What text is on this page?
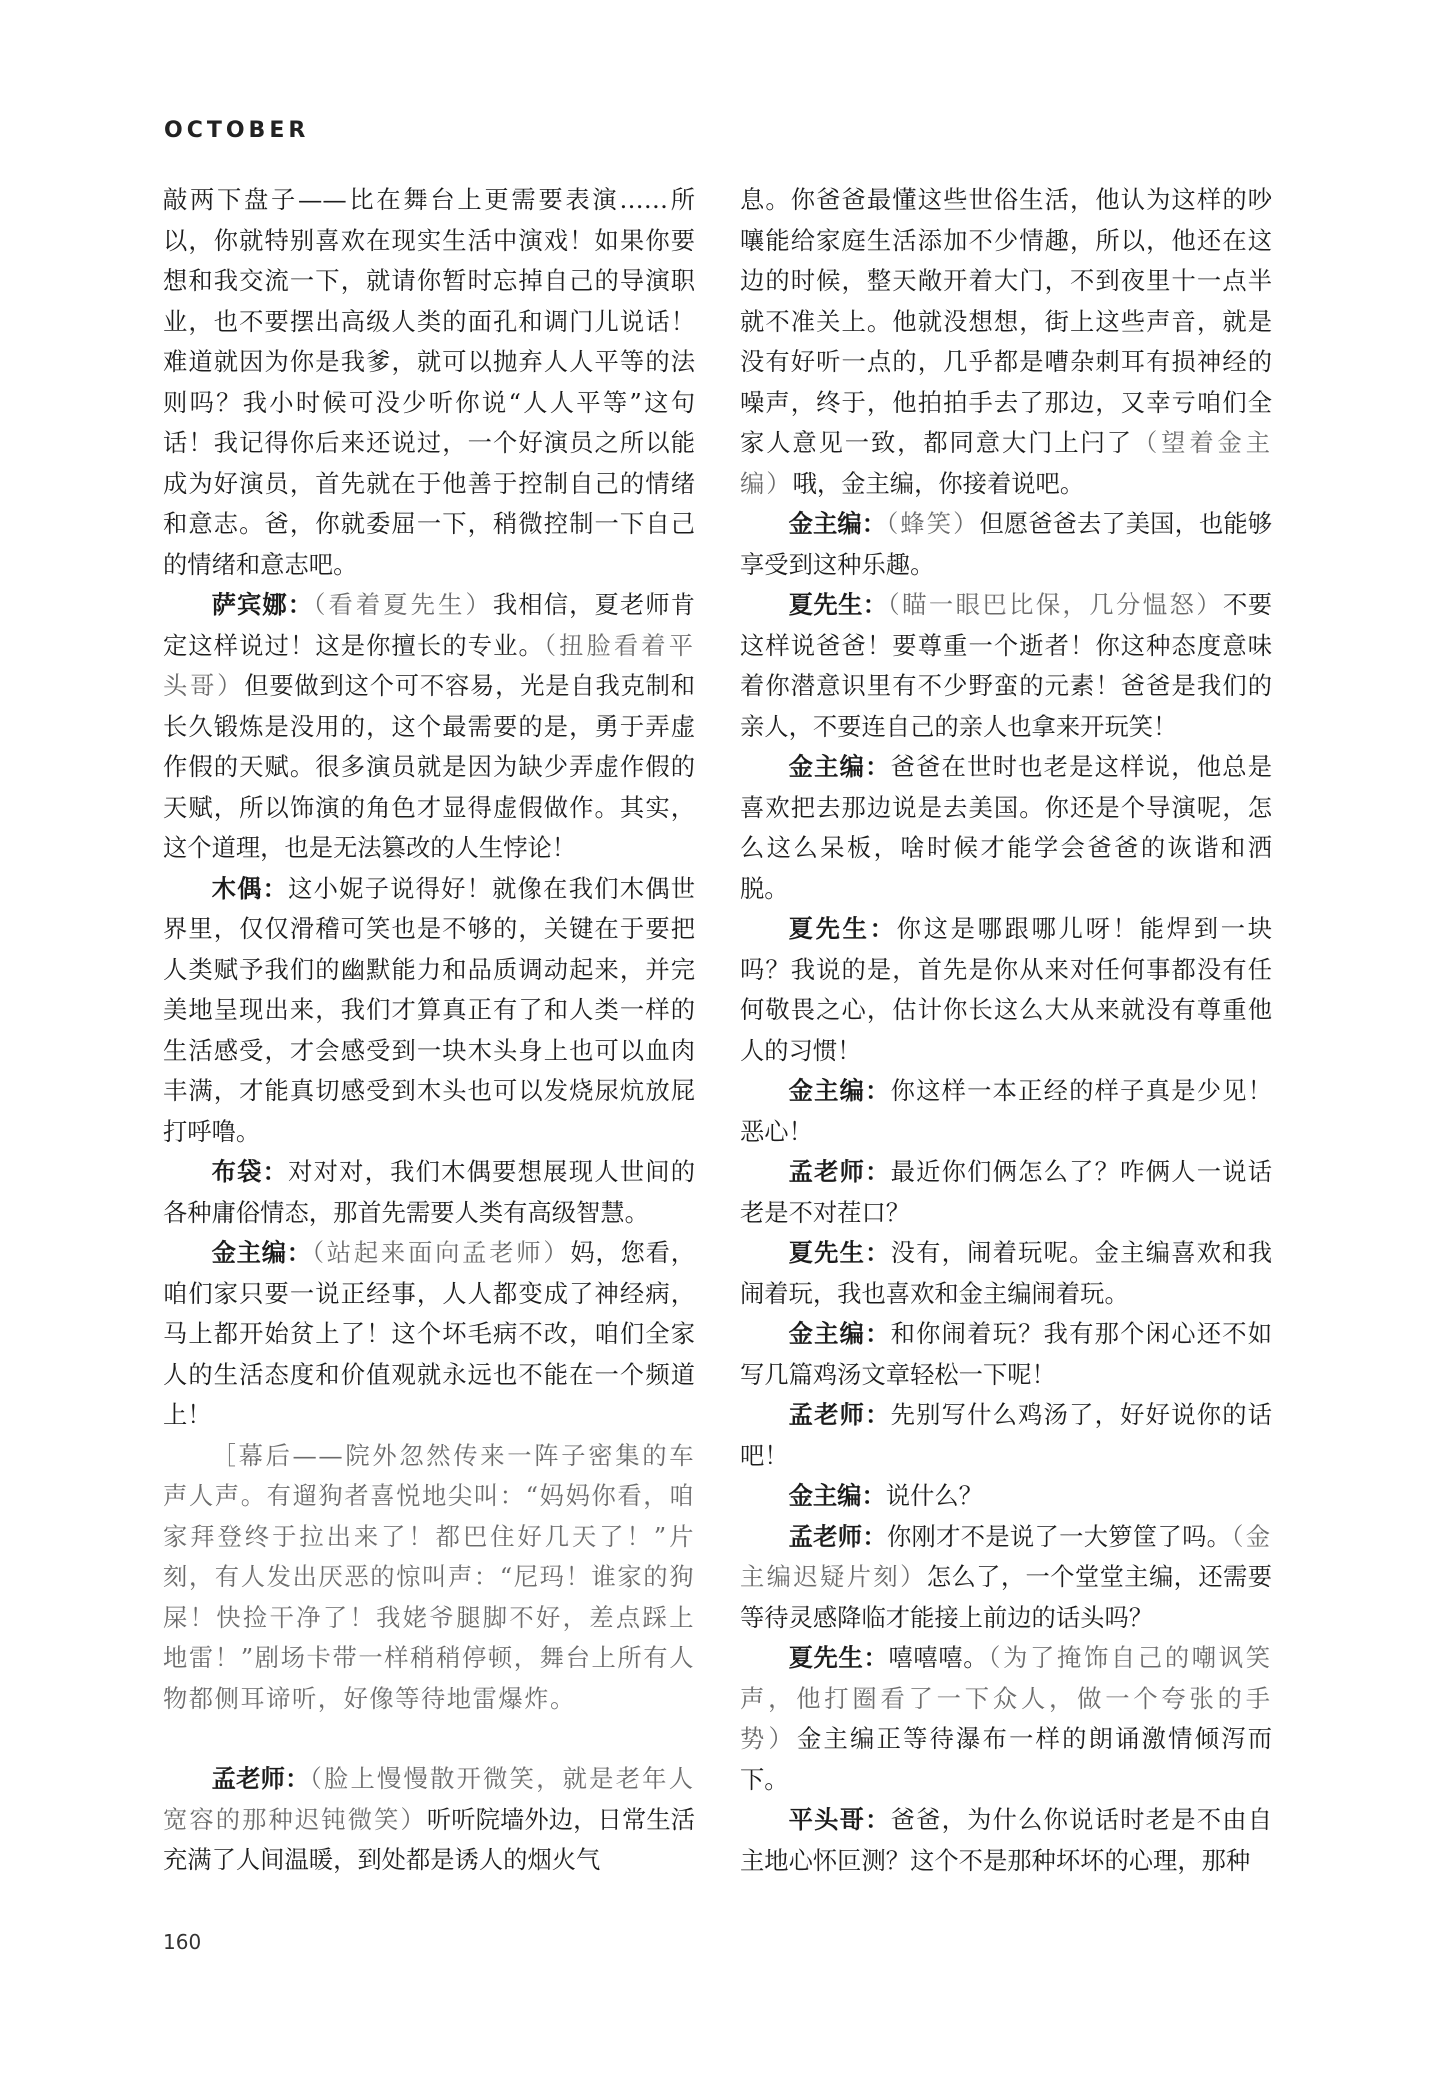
OCTOBER

敲两下盘子——比在舞台上更需要表演……所以，你就特别喜欢在现实生活中演戏！如果你要想和我交流一下，就请你暂时忘掉自己的导演职业，也不要摆出高级人类的面孔和调门儿说话！难道就因为你是我爹，就可以抛弃人人平等的法则吗？我小时候可没少听你说“人人平等”这句话！我记得你后来还说过，一个好演员之所以能成为好演员，首先就在于他善于控制自己的情绪和意志。爸，你就委屈一下，稍微控制一下自己的情绪和意志吧。

萨宾娜：（看着夏先生）我相信，夏老师肯定这样说过！这是你擅长的专业。（扭脸看着平头哥）但要做到这个可不容易，光是自我克制和长久锻炼是没用的，这个最需要的是，勇于弄虚作假的天赋。很多演员就是因为缺少弄虚作假的天赋，所以饰演的角色才显得虚假做作。其实，这个道理，也是无法篡改的人生悖论！

木偶：这小妮子说得好！就像在我们木偶世界里，仅仅滑稽可笑也是不够的，关键在于要把人类赋予我们的幽默能力和品质调动起来，并完美地呈现出来，我们才算真正有了和人类一样的生活感受，才会感受到一块木头身上也可以血肉丰满，才能真切感受到木头也可以发烧尿炕放屁打呼噜。

布袋：对对对，我们木偶要想展现人世间的各种庸俗情态，那首先需要人类有高级智慧。

金主编：（站起来面向孟老师）妈，您看，咱们家只要一说正经事，人人都变成了神经病，马上都开始贫上了！这个坏毛病不改，咱们全家人的生活态度和价值观就永远也不能在一个频道上！

［幕后——院外忽然传来一阵子密集的车声人声。有遛狗者喜悦地尖叫：“妈妈你看，咱家拜登终于拉出来了！都巴住好几天了！”片刻，有人发出厌恶的惊叫声：“尼玛！谁家的狗屎！快捡干净了！我姥爷腿脚不好，差点踩上地雷！”剧场卡带一样稍稍停顿，舞台上所有人物都侧耳谛听，好像等待地雷爆炸。

孟老师：（脸上慢慢散开微笑，就是老年人宽容的那种迟钝微笑）听听院墙外边，日常生活充满了人间温暖，到处都是诱人的烟火气

息。你爸爸最懂这些世俗生活，他认为这样的吵嚷能给家庭生活添加不少情趣，所以，他还在这边的时候，整天敞开着大门，不到夜里十一点半就不准关上。他就没想想，街上这些声音，就是没有好听一点的，几乎都是嘈杂刺耳有损神经的噪声，终于，他拍拍手去了那边，又幸亏咱们全家人意见一致，都同意大门上闩了（望着金主编）哦，金主编，你接着说吧。

金主编：（蜂笑）但愿爸爸去了美国，也能够享受到这种乐趣。

夏先生：（瞄一眼巴比保，几分愠怒）不要这样说爸爸！要尊重一个逝者！你这种态度意味着你潜意识里有不少野蛮的元素！爸爸是我们的亲人，不要连自己的亲人也拿来开玩笑！

金主编：爸爸在世时也老是这样说，他总是喜欢把去那边说是去美国。你还是个导演呢，怎么这么呆板，啥时候才能学会爸爸的诙谐和洒脱。

夏先生：你这是哪跟哪儿呀！能焊到一块吗？我说的是，首先是你从来对任何事都没有任何敬畏之心，估计你长这么大从来就没有尊重他人的习惯！

金主编：你这样一本正经的样子真是少见！恶心！

孟老师：最近你们俩怎么了？咋俩人一说话老是不对茬口？

夏先生：没有，闹着玩呢。金主编喜欢和我闹着玩，我也喜欢和金主编闹着玩。

金主编：和你闹着玩？我有那个闲心还不如写几篇鸡汤文章轻松一下呢！

孟老师：先别写什么鸡汤了，好好说你的话吧！

金主编：说什么？

孟老师：你刚才不是说了一大箩筐了吗。（金主编迟疑片刻）怎么了，一个堂堂主编，还需要等待灵感降临才能接上前边的话头吗？

夏先生：嘻嘻嘻。（为了掩饰自己的嘲讽笑声，他打圈看了一下众人，做一个夸张的手势）金主编正等待瀑布一样的朗诵激情倾泻而下。

平头哥：爸爸，为什么你说话时老是不由自主地心怀叵测？这个不是那种坏坏的心理，那种

160
